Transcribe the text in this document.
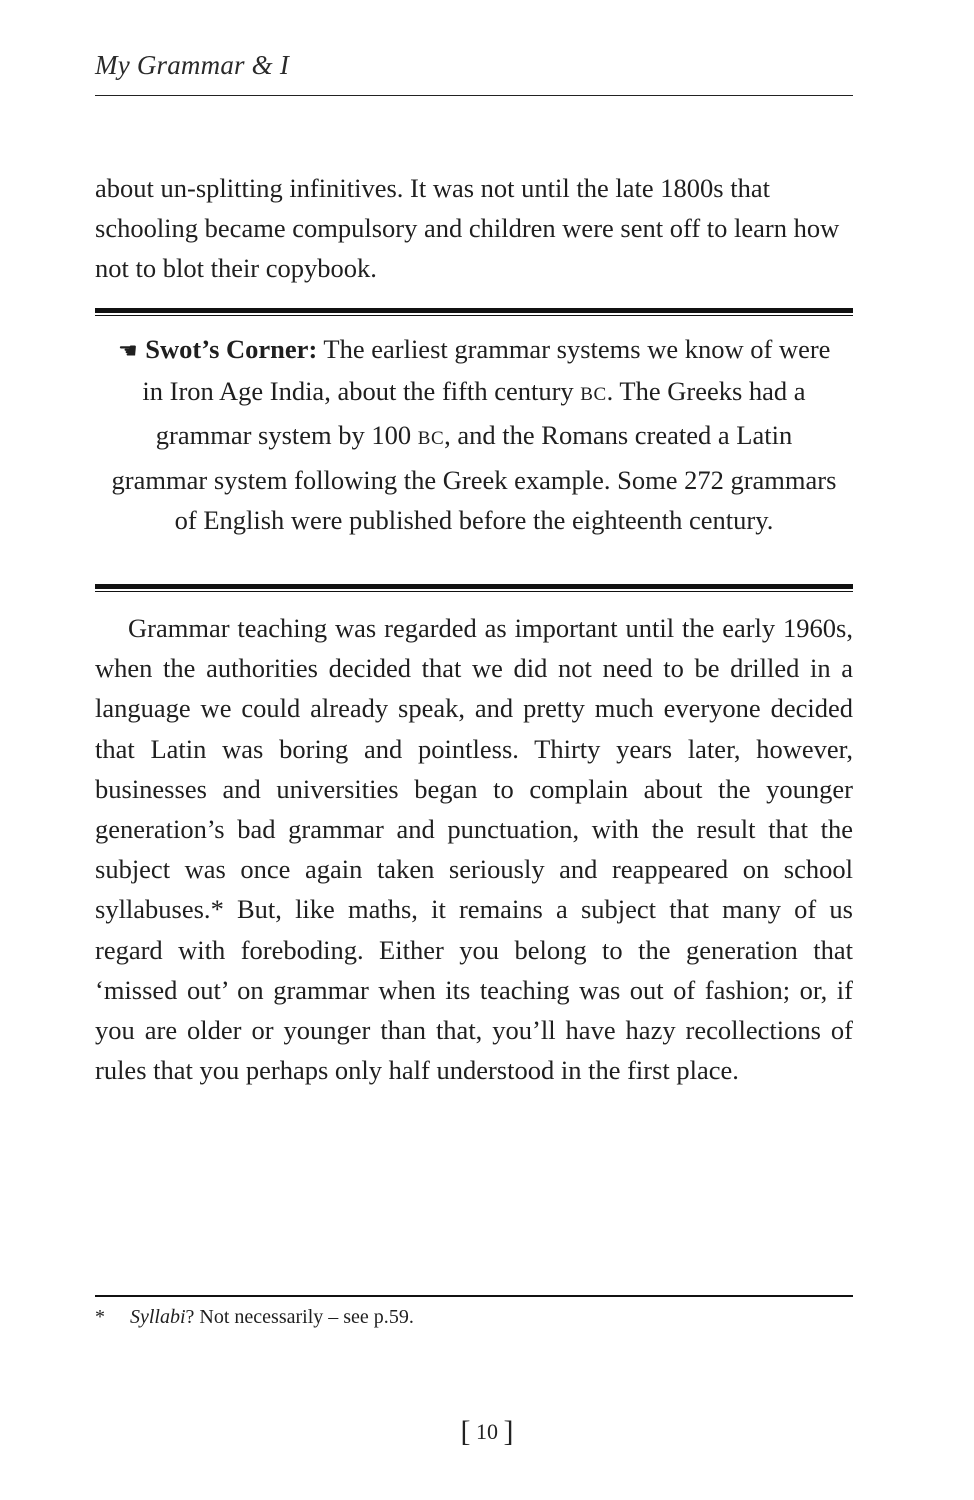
My Grammar & I

about un-splitting infinitives. It was not until the late 1800s that schooling became compulsory and children were sent off to learn how not to blot their copybook.

☛ Swot’s Corner: The earliest grammar systems we know of were in Iron Age India, about the fifth century BC. The Greeks had a grammar system by 100 BC, and the Romans created a Latin grammar system following the Greek example. Some 272 grammars of English were published before the eighteenth century.

Grammar teaching was regarded as important until the early 1960s, when the authorities decided that we did not need to be drilled in a language we could already speak, and pretty much everyone decided that Latin was boring and pointless. Thirty years later, however, businesses and universities began to complain about the younger generation’s bad grammar and punctuation, with the result that the subject was once again taken seriously and reappeared on school syllabuses.* But, like maths, it remains a subject that many of us regard with foreboding. Either you belong to the generation that ‘missed out’ on grammar when its teaching was out of fashion; or, if you are older or younger than that, you’ll have hazy recollections of rules that you perhaps only half understood in the first place.

* Syllabi? Not necessarily – see p.59.
[ 10 ]
